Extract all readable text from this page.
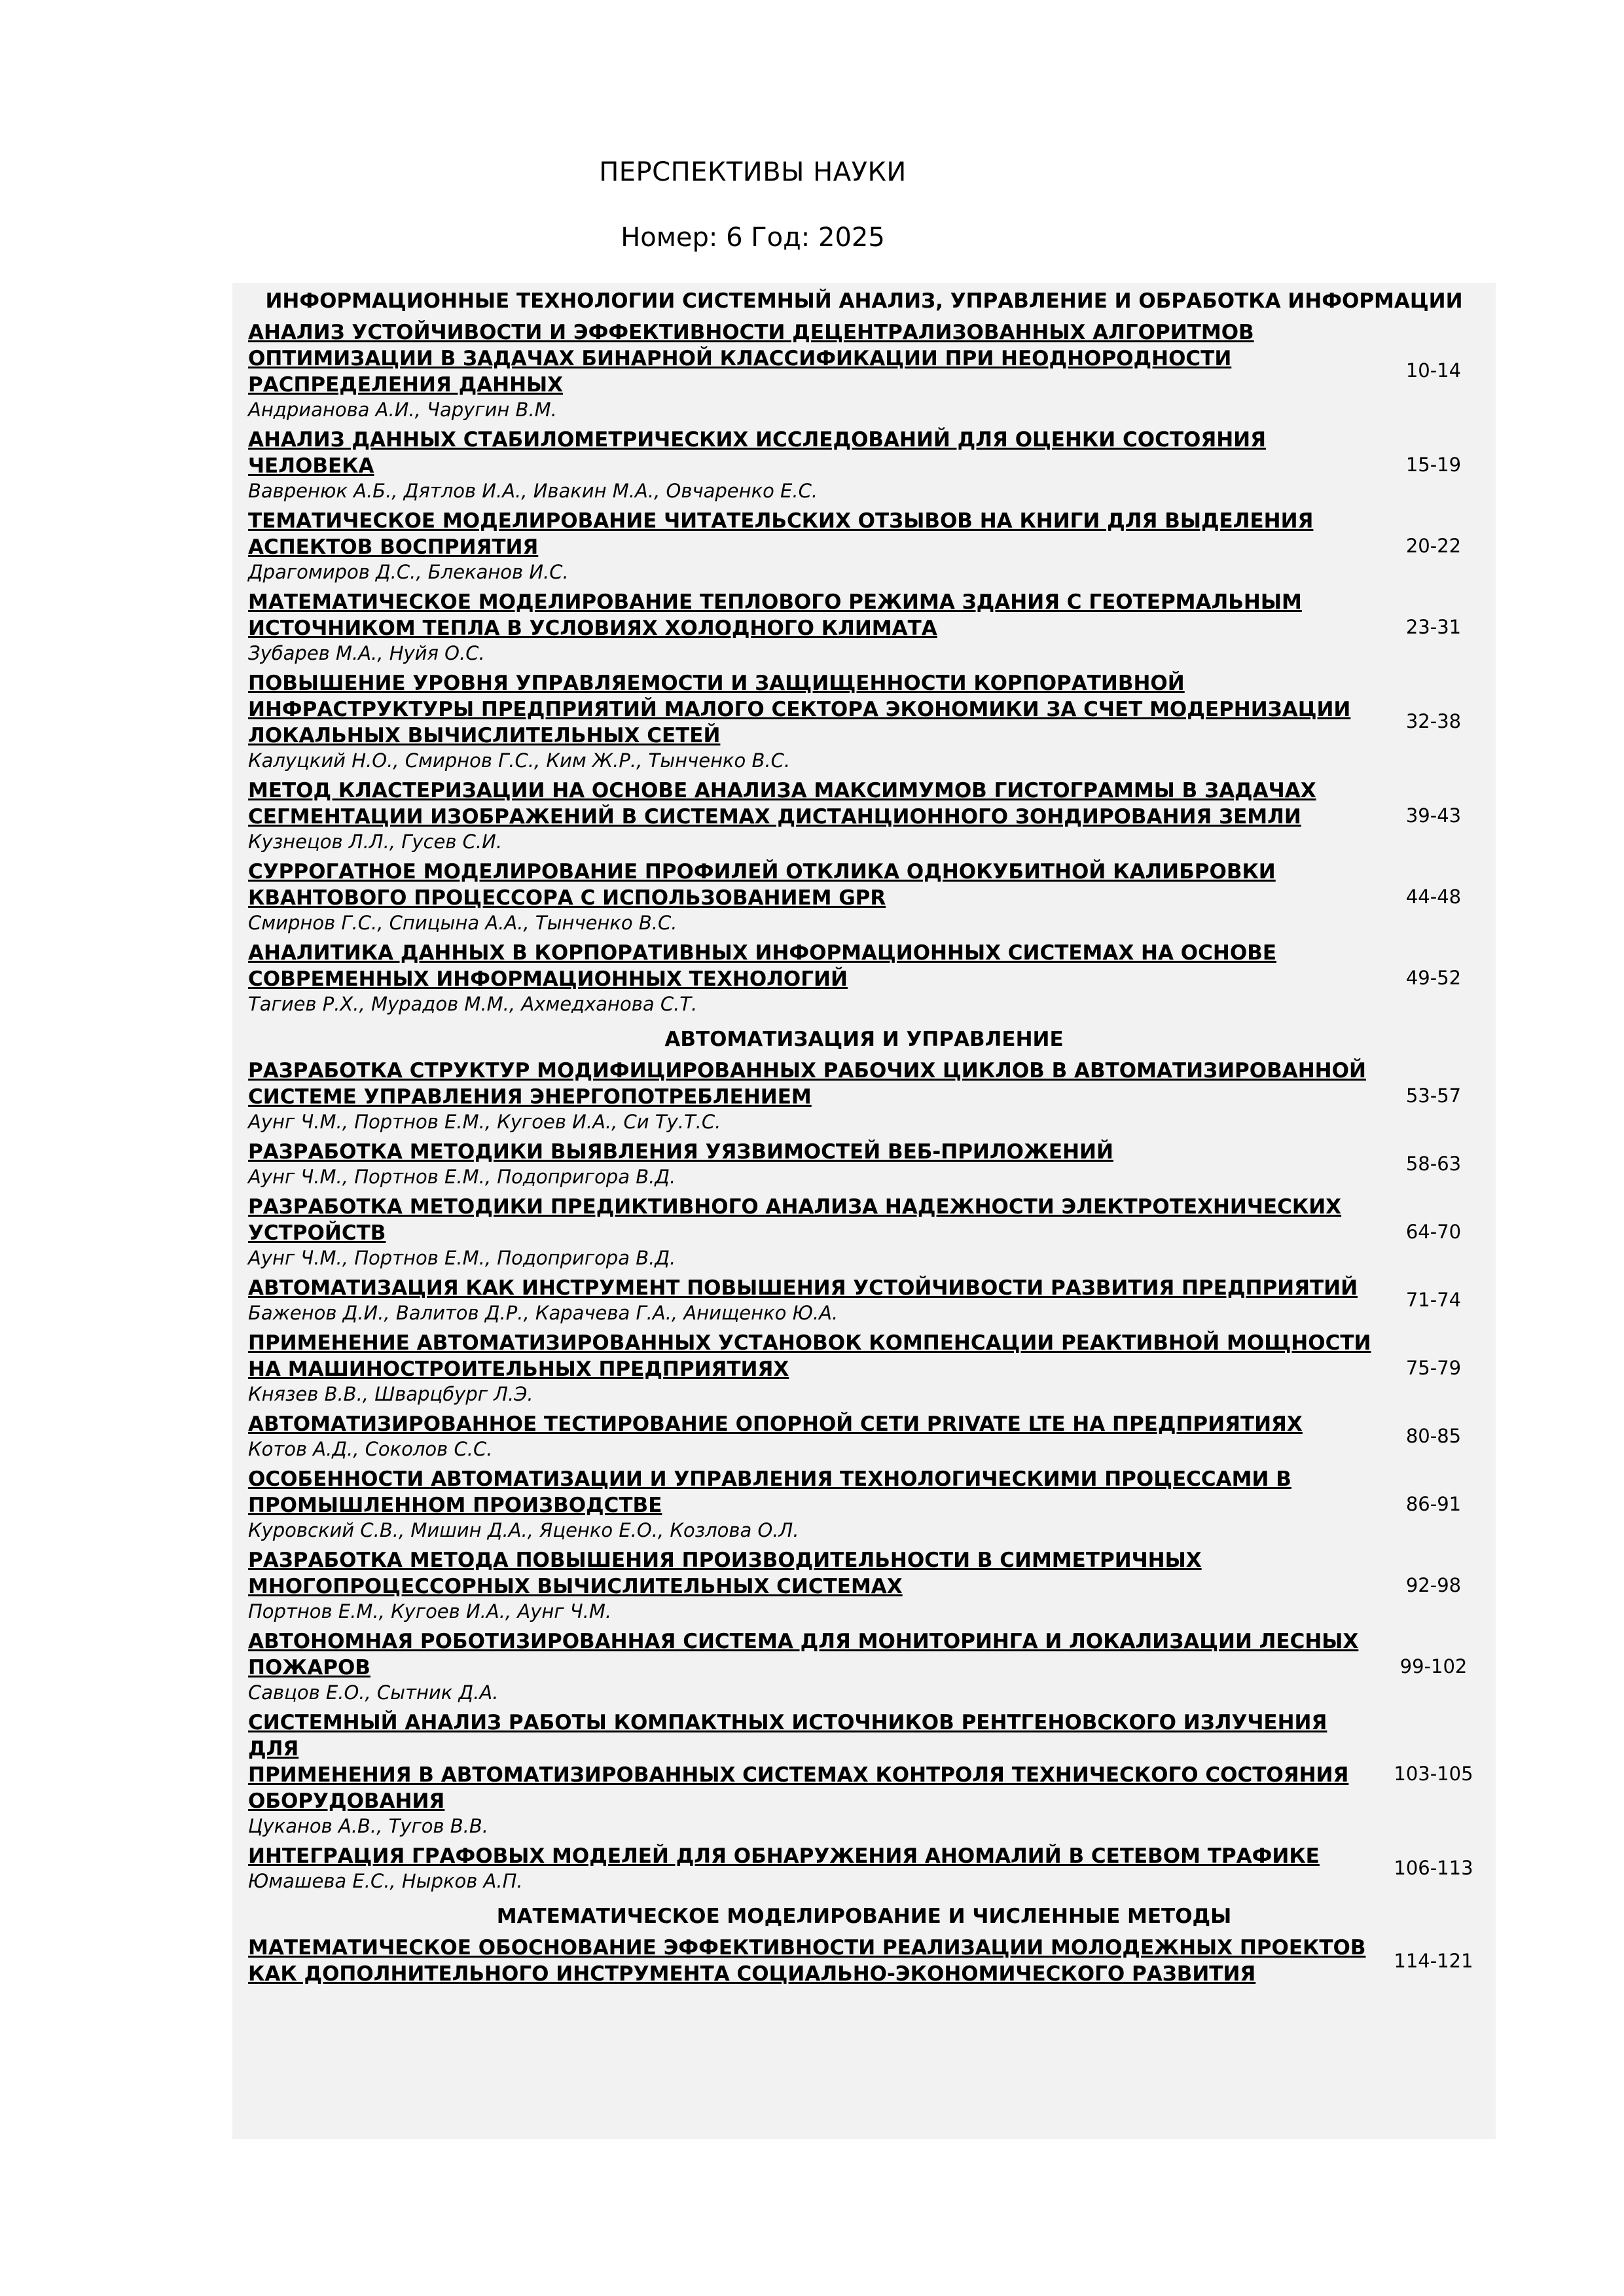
ПЕРСПЕКТИВЫ НАУКИ
Номер: 6 Год: 2025
ИНФОРМАЦИОННЫЕ ТЕХНОЛОГИИ СИСТЕМНЫЙ АНАЛИЗ, УПРАВЛЕНИЕ И ОБРАБОТКА ИНФОРМАЦИИ
АНАЛИЗ УСТОЙЧИВОСТИ И ЭФФЕКТИВНОСТИ ДЕЦЕНТРАЛИЗОВАННЫХ АЛГОРИТМОВ
ОПТИМИЗАЦИИ В ЗАДАЧАХ БИНАРНОЙ КЛАССИФИКАЦИИ ПРИ НЕОДНОРОДНОСТИ
РАСПРЕДЕЛЕНИЯ ДАННЫХ
Андрианова А.И., Чаругин В.М.
10-14
АНАЛИЗ ДАННЫХ СТАБИЛОМЕТРИЧЕСКИХ ИССЛЕДОВАНИЙ ДЛЯ ОЦЕНКИ СОСТОЯНИЯ
ЧЕЛОВЕКА
Вавренюк А.Б., Дятлов И.А., Ивакин М.А., Овчаренко Е.С.
15-19
ТЕМАТИЧЕСКОЕ МОДЕЛИРОВАНИЕ ЧИТАТЕЛЬСКИХ ОТЗЫВОВ НА КНИГИ ДЛЯ ВЫДЕЛЕНИЯ
АСПЕКТОВ ВОСПРИЯТИЯ
Драгомиров Д.С., Блеканов И.С.
20-22
МАТЕМАТИЧЕСКОЕ МОДЕЛИРОВАНИЕ ТЕПЛОВОГО РЕЖИМА ЗДАНИЯ С ГЕОТЕРМАЛЬНЫМ
ИСТОЧНИКОМ ТЕПЛА В УСЛОВИЯХ ХОЛОДНОГО КЛИМАТА
Зубарев М.А., Нуйя О.С.
23-31
ПОВЫШЕНИЕ УРОВНЯ УПРАВЛЯЕМОСТИ И ЗАЩИЩЕННОСТИ КОРПОРАТИВНОЙ
ИНФРАСТРУКТУРЫ ПРЕДПРИЯТИЙ МАЛОГО СЕКТОРА ЭКОНОМИКИ ЗА СЧЕТ МОДЕРНИЗАЦИИ
ЛОКАЛЬНЫХ ВЫЧИСЛИТЕЛЬНЫХ СЕТЕЙ
Калуцкий Н.О., Смирнов Г.С., Ким Ж.Р., Тынченко В.С.
32-38
МЕТОД КЛАСТЕРИЗАЦИИ НА ОСНОВЕ АНАЛИЗА МАКСИМУМОВ ГИСТОГРАММЫ В ЗАДАЧАХ
СЕГМЕНТАЦИИ ИЗОБРАЖЕНИЙ В СИСТЕМАХ ДИСТАНЦИОННОГО ЗОНДИРОВАНИЯ ЗЕМЛИ
Кузнецов Л.Л., Гусев С.И.
39-43
СУРРОГАТНОЕ МОДЕЛИРОВАНИЕ ПРОФИЛЕЙ ОТКЛИКА ОДНОКУБИТНОЙ КАЛИБРОВКИ
КВАНТОВОГО ПРОЦЕССОРА С ИСПОЛЬЗОВАНИЕМ GPR
Смирнов Г.С., Спицына А.А., Тынченко В.С.
44-48
АНАЛИТИКА ДАННЫХ В КОРПОРАТИВНЫХ ИНФОРМАЦИОННЫХ СИСТЕМАХ НА ОСНОВЕ
СОВРЕМЕННЫХ ИНФОРМАЦИОННЫХ ТЕХНОЛОГИЙ
Тагиев Р.Х., Мурадов М.М., Ахмедханова С.Т.
49-52
АВТОМАТИЗАЦИЯ И УПРАВЛЕНИЕ
РАЗРАБОТКА СТРУКТУР МОДИФИЦИРОВАННЫХ РАБОЧИХ ЦИКЛОВ В АВТОМАТИЗИРОВАННОЙ
СИСТЕМЕ УПРАВЛЕНИЯ ЭНЕРГОПОТРЕБЛЕНИЕМ
Аунг Ч.М., Портнов Е.М., Кугоев И.А., Си Ту.Т.С.
53-57
РАЗРАБОТКА МЕТОДИКИ ВЫЯВЛЕНИЯ УЯЗВИМОСТЕЙ ВЕБ-ПРИЛОЖЕНИЙ
Аунг Ч.М., Портнов Е.М., Подопригора В.Д.
58-63
РАЗРАБОТКА МЕТОДИКИ ПРЕДИКТИВНОГО АНАЛИЗА НАДЕЖНОСТИ ЭЛЕКТРОТЕХНИЧЕСКИХ
УСТРОЙСТВ
Аунг Ч.М., Портнов Е.М., Подопригора В.Д.
64-70
АВТОМАТИЗАЦИЯ КАК ИНСТРУМЕНТ ПОВЫШЕНИЯ УСТОЙЧИВОСТИ РАЗВИТИЯ ПРЕДПРИЯТИЙ
Баженов Д.И., Валитов Д.Р., Карачева Г.А., Анищенко Ю.А.
71-74
ПРИМЕНЕНИЕ АВТОМАТИЗИРОВАННЫХ УСТАНОВОК КОМПЕНСАЦИИ РЕАКТИВНОЙ МОЩНОСТИ
НА МАШИНОСТРОИТЕЛЬНЫХ ПРЕДПРИЯТИЯХ
Князев В.В., Шварцбург Л.Э.
75-79
АВТОМАТИЗИРОВАННОЕ ТЕСТИРОВАНИЕ ОПОРНОЙ СЕТИ PRIVATE LTE НА ПРЕДПРИЯТИЯХ
Котов А.Д., Соколов С.С.
80-85
ОСОБЕННОСТИ АВТОМАТИЗАЦИИ И УПРАВЛЕНИЯ ТЕХНОЛОГИЧЕСКИМИ ПРОЦЕССАМИ В
ПРОМЫШЛЕННОМ ПРОИЗВОДСТВЕ
Куровский С.В., Мишин Д.А., Яценко Е.О., Козлова О.Л.
86-91
РАЗРАБОТКА МЕТОДА ПОВЫШЕНИЯ ПРОИЗВОДИТЕЛЬНОСТИ В СИММЕТРИЧНЫХ
МНОГОПРОЦЕССОРНЫХ ВЫЧИСЛИТЕЛЬНЫХ СИСТЕМАХ
Портнов Е.М., Кугоев И.А., Аунг Ч.М.
92-98
АВТОНОМНАЯ РОБОТИЗИРОВАННАЯ СИСТЕМА ДЛЯ МОНИТОРИНГА И ЛОКАЛИЗАЦИИ ЛЕСНЫХ
ПОЖАРОВ
Савцов Е.О., Сытник Д.А.
99-102
СИСТЕМНЫЙ АНАЛИЗ РАБОТЫ КОМПАКТНЫХ ИСТОЧНИКОВ РЕНТГЕНОВСКОГО ИЗЛУЧЕНИЯ ДЛЯ
ПРИМЕНЕНИЯ В АВТОМАТИЗИРОВАННЫХ СИСТЕМАХ КОНТРОЛЯ ТЕХНИЧЕСКОГО СОСТОЯНИЯ
ОБОРУДОВАНИЯ
Цуканов А.В., Тугов В.В.
103-105
ИНТЕГРАЦИЯ ГРАФОВЫХ МОДЕЛЕЙ ДЛЯ ОБНАРУЖЕНИЯ АНОМАЛИЙ В СЕТЕВОМ ТРАФИКЕ
Юмашева Е.С., Нырков А.П.
106-113
МАТЕМАТИЧЕСКОЕ МОДЕЛИРОВАНИЕ И ЧИСЛЕННЫЕ МЕТОДЫ
МАТЕМАТИЧЕСКОЕ ОБОСНОВАНИЕ ЭФФЕКТИВНОСТИ РЕАЛИЗАЦИИ МОЛОДЕЖНЫХ ПРОЕКТОВ
КАК ДОПОЛНИТЕЛЬНОГО ИНСТРУМЕНТА СОЦИАЛЬНО-ЭКОНОМИЧЕСКОГО РАЗВИТИЯ
114-121
